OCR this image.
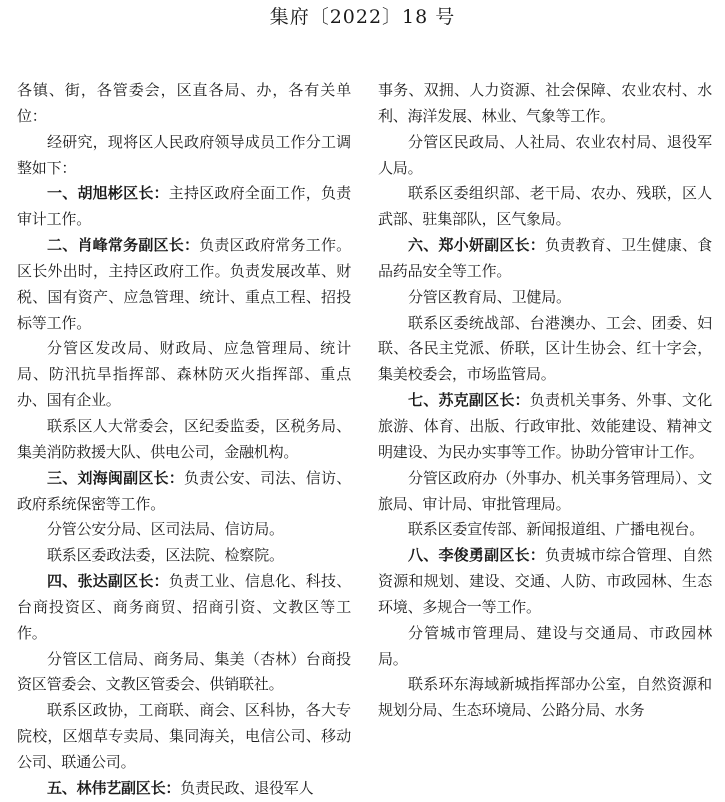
集府〔2022〕18 号

各镇、街，各管委会，区直各局、办，各有关单位：

经研究，现将区人民政府领导成员工作分工调整如下：

一、胡旭彬区长：主持区政府全面工作，负责审计工作。

二、肖峰常务副区长：负责区政府常务工作。区长外出时，主持区政府工作。负责发展改革、财税、国有资产、应急管理、统计、重点工程、招投标等工作。

分管区发改局、财政局、应急管理局、统计局、防汛抗旱指挥部、森林防灭火指挥部、重点办、国有企业。

联系区人大常委会，区纪委监委，区税务局、集美消防救援大队、供电公司，金融机构。

三、刘海闽副区长：负责公安、司法、信访、政府系统保密等工作。

分管公安分局、区司法局、信访局。

联系区委政法委，区法院、检察院。

四、张达副区长：负责工业、信息化、科技、台商投资区、商务商贸、招商引资、文教区等工作。

分管区工信局、商务局、集美（杏林）台商投资区管委会、文教区管委会、供销联社。

联系区政协，工商联、商会、区科协，各大专院校，区烟草专卖局、集同海关，电信公司、移动公司、联通公司。

五、林伟艺副区长：负责民政、退役军人

事务、双拥、人力资源、社会保障、农业农村、水利、海洋发展、林业、气象等工作。

分管区民政局、人社局、农业农村局、退役军人局。

联系区委组织部、老干局、农办、残联，区人武部、驻集部队，区气象局。

六、郑小妍副区长：负责教育、卫生健康、食品药品安全等工作。

分管区教育局、卫健局。

联系区委统战部、台港澳办、工会、团委、妇联、各民主党派、侨联，区计生协会、红十字会，集美校委会，市场监管局。

七、苏克副区长：负责机关事务、外事、文化旅游、体育、出版、行政审批、效能建设、精神文明建设、为民办实事等工作。协助分管审计工作。

分管区政府办（外事办、机关事务管理局）、文旅局、审计局、审批管理局。

联系区委宣传部、新闻报道组、广播电视台。

八、李俊勇副区长：负责城市综合管理、自然资源和规划、建设、交通、人防、市政园林、生态环境、多规合一等工作。

分管城市管理局、建设与交通局、市政园林局。

联系环东海域新城指挥部办公室，自然资源和规划分局、生态环境局、公路分局、水务
